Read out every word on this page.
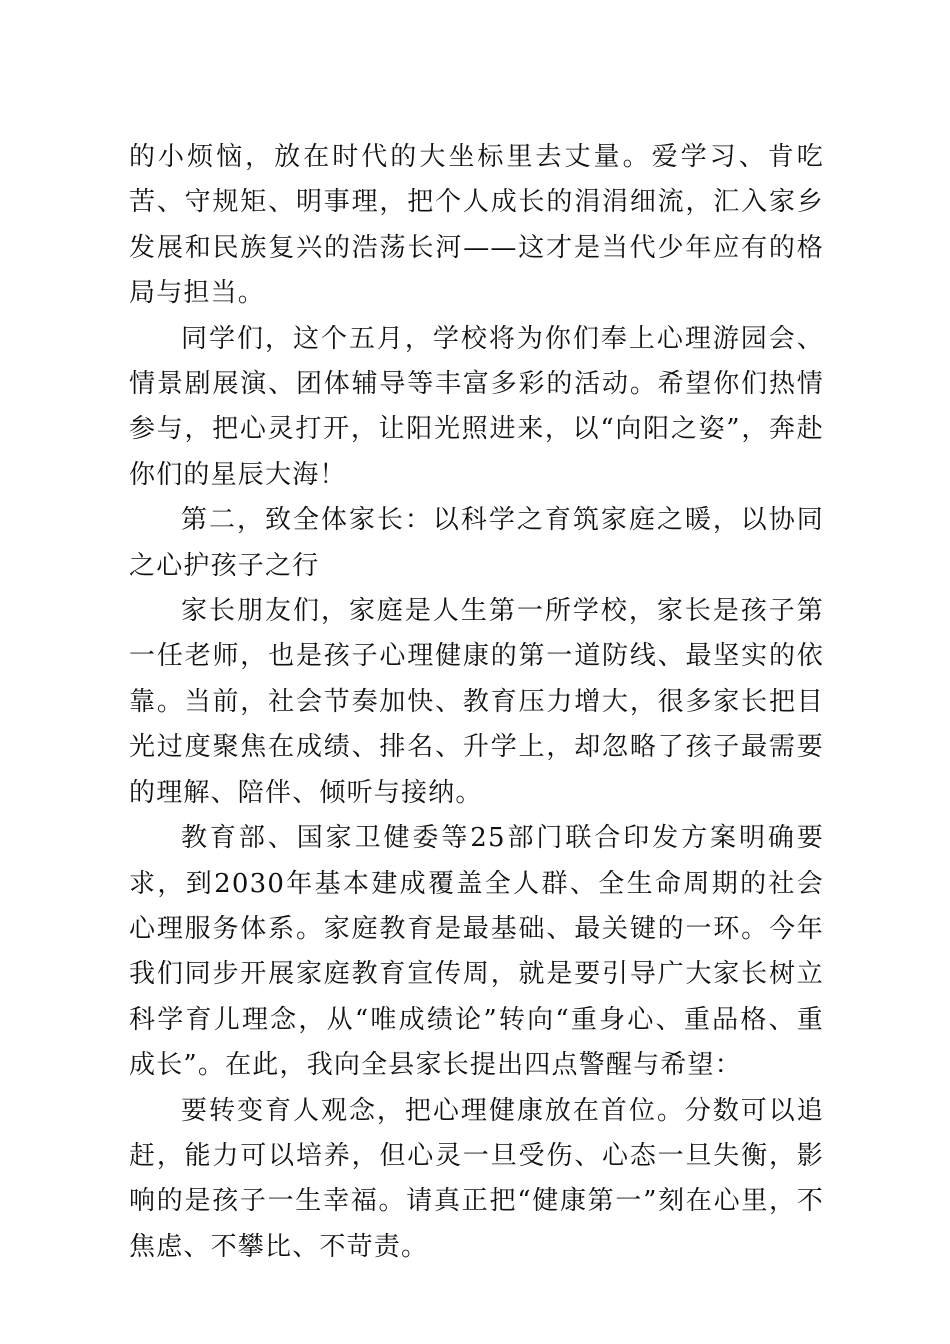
的小烦恼，放在时代的大坐标里去丈量。爱学习、肯吃苦、守规矩、明事理，把个人成长的涓涓细流，汇入家乡发展和民族复兴的浩荡长河——这才是当代少年应有的格局与担当。

同学们，这个五月，学校将为你们奉上心理游园会、情景剧展演、团体辅导等丰富多彩的活动。希望你们热情参与，把心灵打开，让阳光照进来，以“向阳之姿”，奔赴你们的星辰大海！

第二，致全体家长：以科学之育筑家庭之暖，以协同之心护孩子之行

家长朋友们，家庭是人生第一所学校，家长是孩子第一任老师，也是孩子心理健康的第一道防线、最坚实的依靠。当前，社会节奏加快、教育压力增大，很多家长把目光过度聚焦在成绩、排名、升学上，却忽略了孩子最需要的理解、陪伴、倾听与接纳。

教育部、国家卫健委等25部门联合印发方案明确要求，到2030年基本建成覆盖全人群、全生命周期的社会心理服务体系。家庭教育是最基础、最关键的一环。今年我们同步开展家庭教育宣传周，就是要引导广大家长树立科学育儿理念，从“唯成绩论”转向“重身心、重品格、重成长”。在此，我向全县家长提出四点警醒与希望：

要转变育人观念，把心理健康放在首位。分数可以追赶，能力可以培养，但心灵一旦受伤、心态一旦失衡，影响的是孩子一生幸福。请真正把“健康第一”刻在心里，不焦虑、不攀比、不苛责。
